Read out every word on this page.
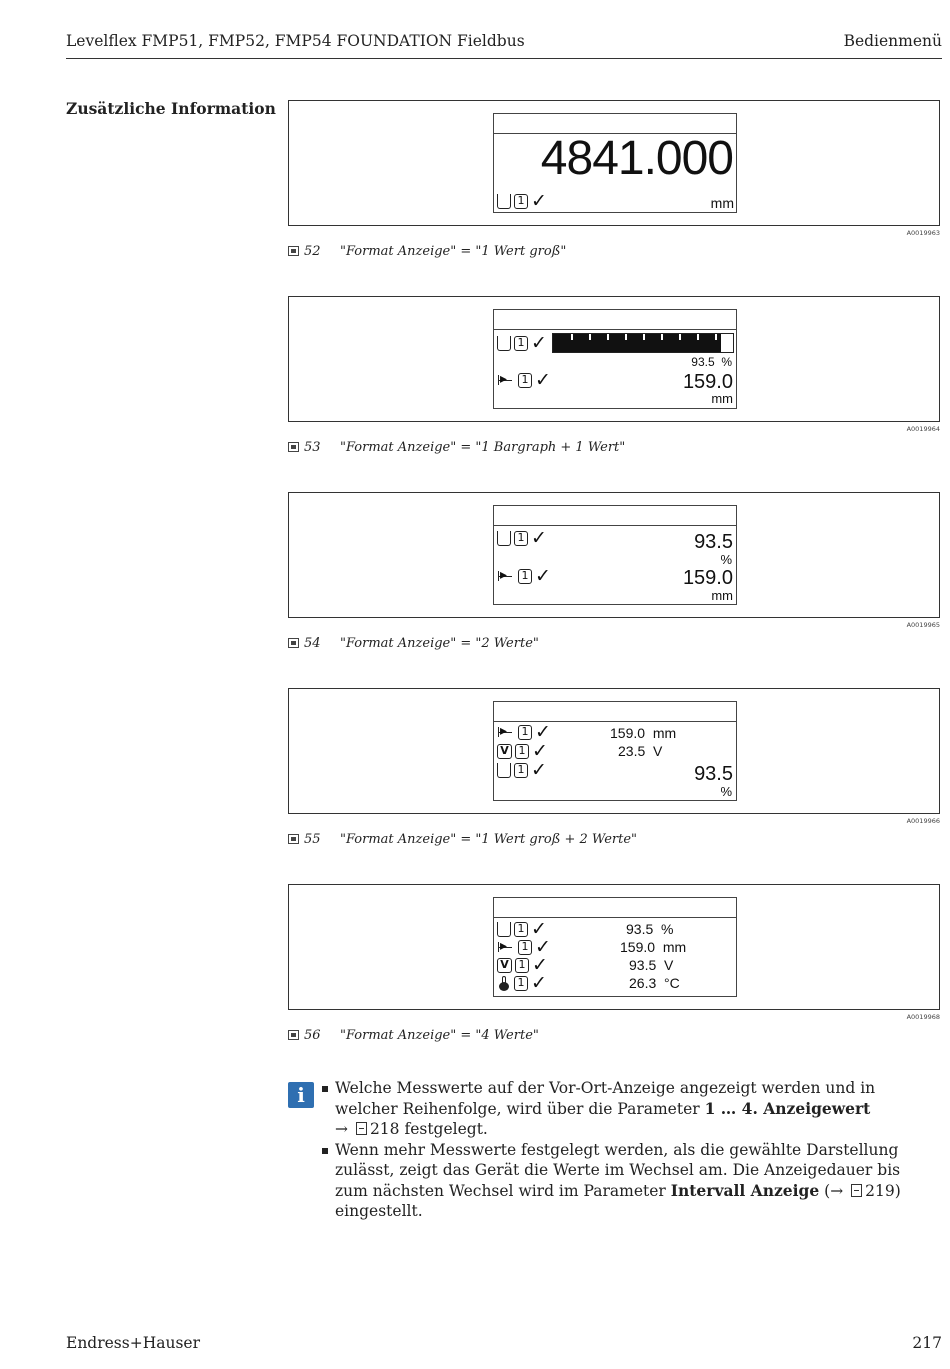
Levelflex FMP51, FMP52, FMP54 FOUNDATION Fieldbus	Bedienmenü
Zusätzliche Information
4841.000
1 ✓	mm
A0019963
52 "Format Anzeige" = "1 Wert groß"
1 ✓
93.5  %
▸
1 ✓	159.0
mm
A0019964
53 "Format Anzeige" = "1 Bargraph + 1 Wert"
1 ✓	93.5
%
▸
1 ✓	159.0
mm
A0019965
54 "Format Anzeige" = "2 Werte"
▸
1 ✓	159.0  mm
V 1 ✓	23.5  V
1 ✓	93.5
%
A0019966
55 "Format Anzeige" = "1 Wert groß + 2 Werte"
1 ✓	93.5  %
▸
1 ✓	159.0  mm
V 1 ✓	93.5  V
1 ✓	26.3  °C
A0019968
56 "Format Anzeige" = "4 Werte"
i	Welche Messwerte auf der Vor-Ort-Anzeige angezeigt werden und in welcher Reihenfolge, wird über die Parameter 1 … 4. Anzeigewert → 218 festgelegt.
Wenn mehr Messwerte festgelegt werden, als die gewählte Darstellung zulässt, zeigt das Gerät die Werte im Wechsel am. Die Anzeigedauer bis zum nächsten Wechsel wird im Parameter Intervall Anzeige (→ 219) eingestellt.
Endress+Hauser	217
